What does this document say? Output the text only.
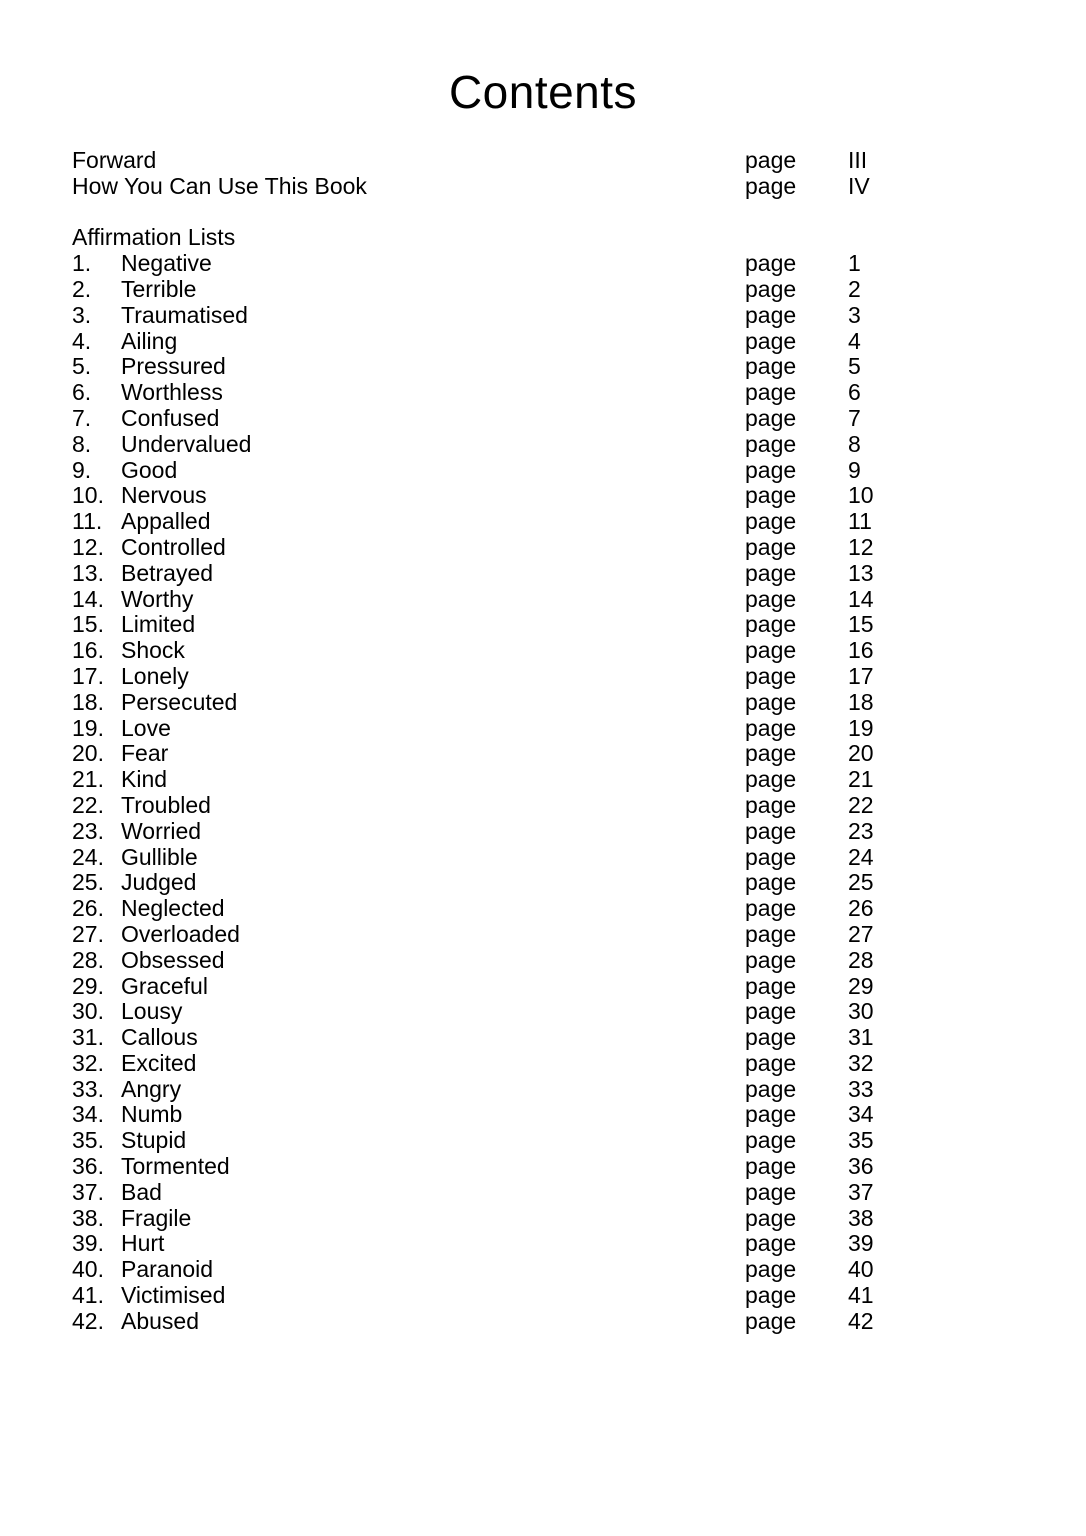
Contents
Forward	page	III
How You Can Use This Book	page	IV
Affirmation Lists
1.	Negative	page	1
2.	Terrible	page	2
3.	Traumatised	page	3
4.	Ailing	page	4
5.	Pressured	page	5
6.	Worthless	page	6
7.	Confused	page	7
8.	Undervalued	page	8
9.	Good	page	9
10. Nervous	page	10
11. Appalled	page	11
12. Controlled	page	12
13. Betrayed	page	13
14. Worthy	page	14
15. Limited	page	15
16. Shock	page	16
17. Lonely	page	17
18. Persecuted	page	18
19. Love	page	19
20. Fear	page	20
21. Kind	page	21
22. Troubled	page	22
23. Worried	page	23
24. Gullible	page	24
25. Judged	page	25
26. Neglected	page	26
27. Overloaded	page	27
28. Obsessed	page	28
29. Graceful	page	29
30. Lousy	page	30
31. Callous	page	31
32. Excited	page	32
33. Angry	page	33
34. Numb	page	34
35. Stupid	page	35
36. Tormented	page	36
37. Bad	page	37
38. Fragile	page	38
39. Hurt	page	39
40. Paranoid	page	40
41. Victimised	page	41
42. Abused	page	42
